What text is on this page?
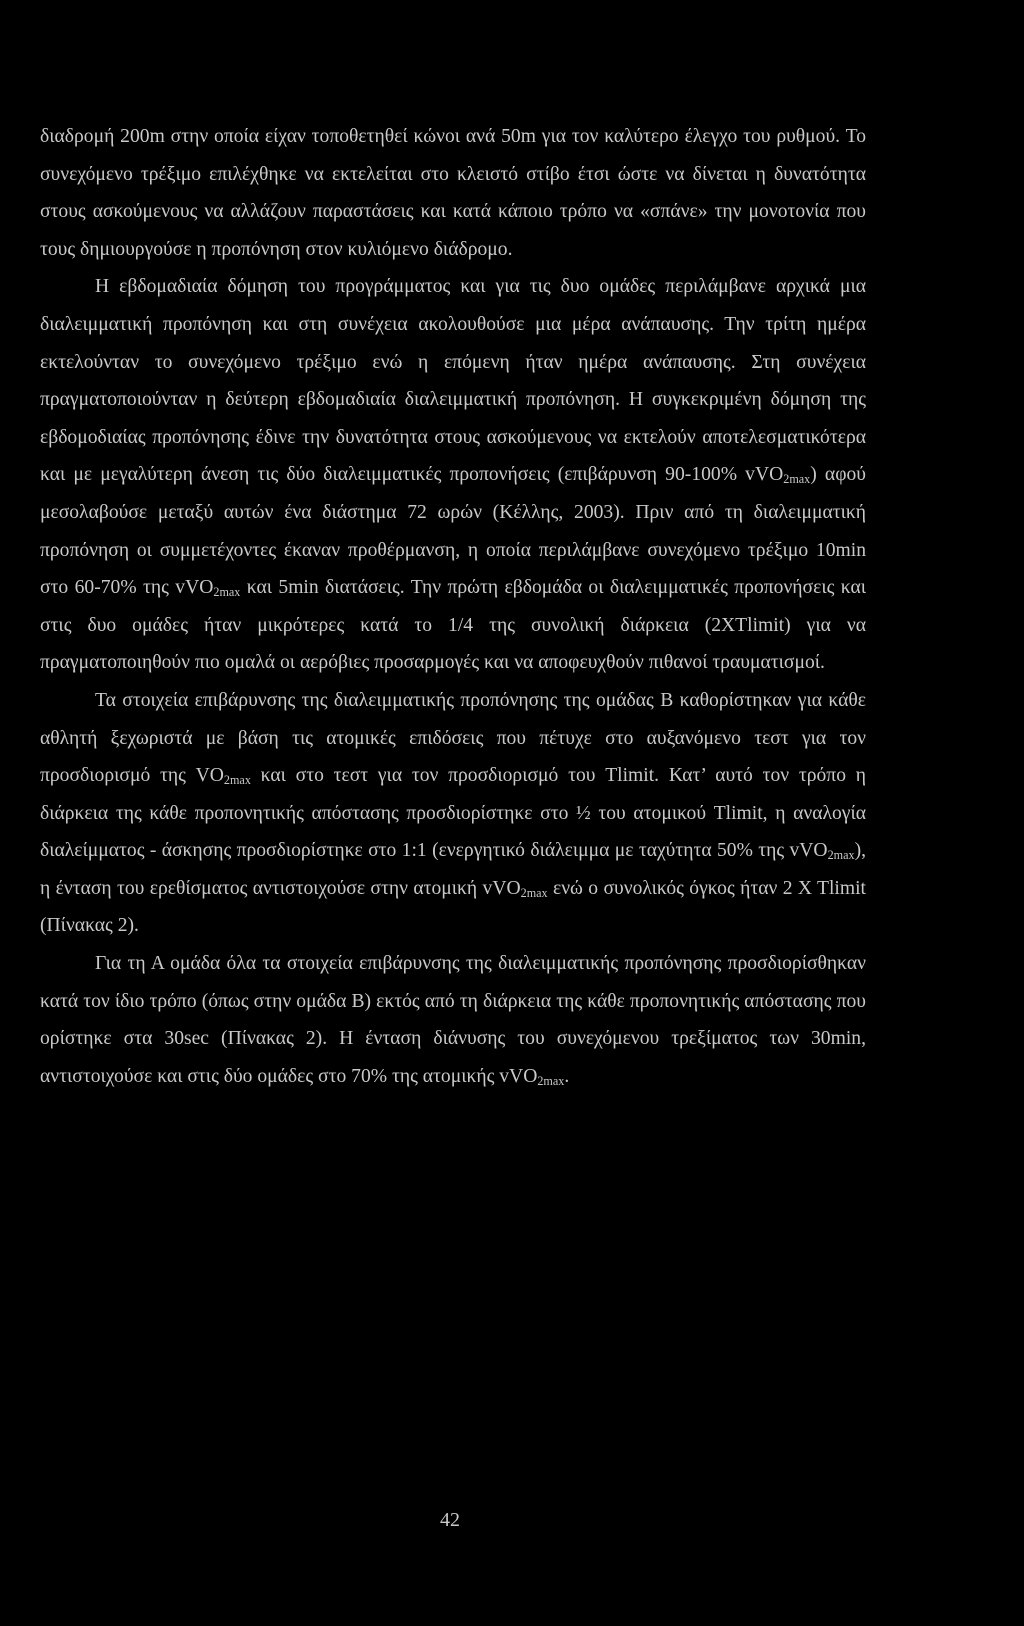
διαδρομή 200m στην οποία είχαν τοποθετηθεί κώνοι ανά 50m για τον καλύτερο έλεγχο του ρυθμού. Το συνεχόμενο τρέξιμο επιλέχθηκε να εκτελείται στο κλειστό στίβο έτσι ώστε να δίνεται η δυνατότητα στους ασκούμενους να αλλάζουν παραστάσεις και κατά κάποιο τρόπο να «σπάνε» την μονοτονία που τους δημιουργούσε η προπόνηση στον κυλιόμενο διάδρομο.

Η εβδομαδιαία δόμηση του προγράμματος και για τις δυο ομάδες περιλάμβανε αρχικά μια διαλειμματική προπόνηση και στη συνέχεια ακολουθούσε μια μέρα ανάπαυσης. Την τρίτη ημέρα εκτελούνταν το συνεχόμενο τρέξιμο ενώ η επόμενη ήταν ημέρα ανάπαυσης. Στη συνέχεια πραγματοποιούνταν η δεύτερη εβδομαδιαία διαλειμματική προπόνηση. Η συγκεκριμένη δόμηση της εβδομοδιαίας προπόνησης έδινε την δυνατότητα στους ασκούμενους να εκτελούν αποτελεσματικότερα και με μεγαλύτερη άνεση τις δύο διαλειμματικές προπονήσεις (επιβάρυνση 90-100% vVO$_{2max}$) αφού μεσολαβούσε μεταξύ αυτών ένα διάστημα 72 ωρών (Κέλλης, 2003). Πριν από τη διαλειμματική προπόνηση οι συμμετέχοντες έκαναν προθέρμανση, η οποία περιλάμβανε συνεχόμενο τρέξιμο 10min στο 60-70% της vVO$_{2max}$ και 5min διατάσεις. Την πρώτη εβδομάδα οι διαλειμματικές προπονήσεις και στις δυο ομάδες ήταν μικρότερες κατά το 1/4 της συνολική διάρκεια (2XTlimit) για να πραγματοποιηθούν πιο ομαλά οι αερόβιες προσαρμογές και να αποφευχθούν πιθανοί τραυματισμοί.

Τα στοιχεία επιβάρυνσης της διαλειμματικής προπόνησης της ομάδας Β καθορίστηκαν για κάθε αθλητή ξεχωριστά με βάση τις ατομικές επιδόσεις που πέτυχε στο αυξανόμενο τεστ για τον προσδιορισμό της $VO_{2max}$ και στο τεστ για τον προσδιορισμό του Tlimit. Κατ’ αυτό τον τρόπο η διάρκεια της κάθε προπονητικής απόστασης προσδιορίστηκε στο ½ του ατομικού Tlimit, η αναλογία διαλείμματος - άσκησης προσδιορίστηκε στο 1:1 (ενεργητικό διάλειμμα με ταχύτητα 50% της vVO$_{2max}$), η ένταση του ερεθίσματος αντιστοιχούσε στην ατομική vVO$_{2max}$ ενώ ο συνολικός όγκος ήταν 2 X Tlimit (Πίνακας 2).

Για τη Α ομάδα όλα τα στοιχεία επιβάρυνσης της διαλειμματικής προπόνησης προσδιορίσθηκαν κατά τον ίδιο τρόπο (όπως στην ομάδα Β) εκτός από τη διάρκεια της κάθε προπονητικής απόστασης που ορίστηκε στα 30sec (Πίνακας 2). Η ένταση διάνυσης του συνεχόμενου τρεξίματος των 30min, αντιστοιχούσε και στις δύο ομάδες στο 70% της ατομικής vVO$_{2max}$.

42
